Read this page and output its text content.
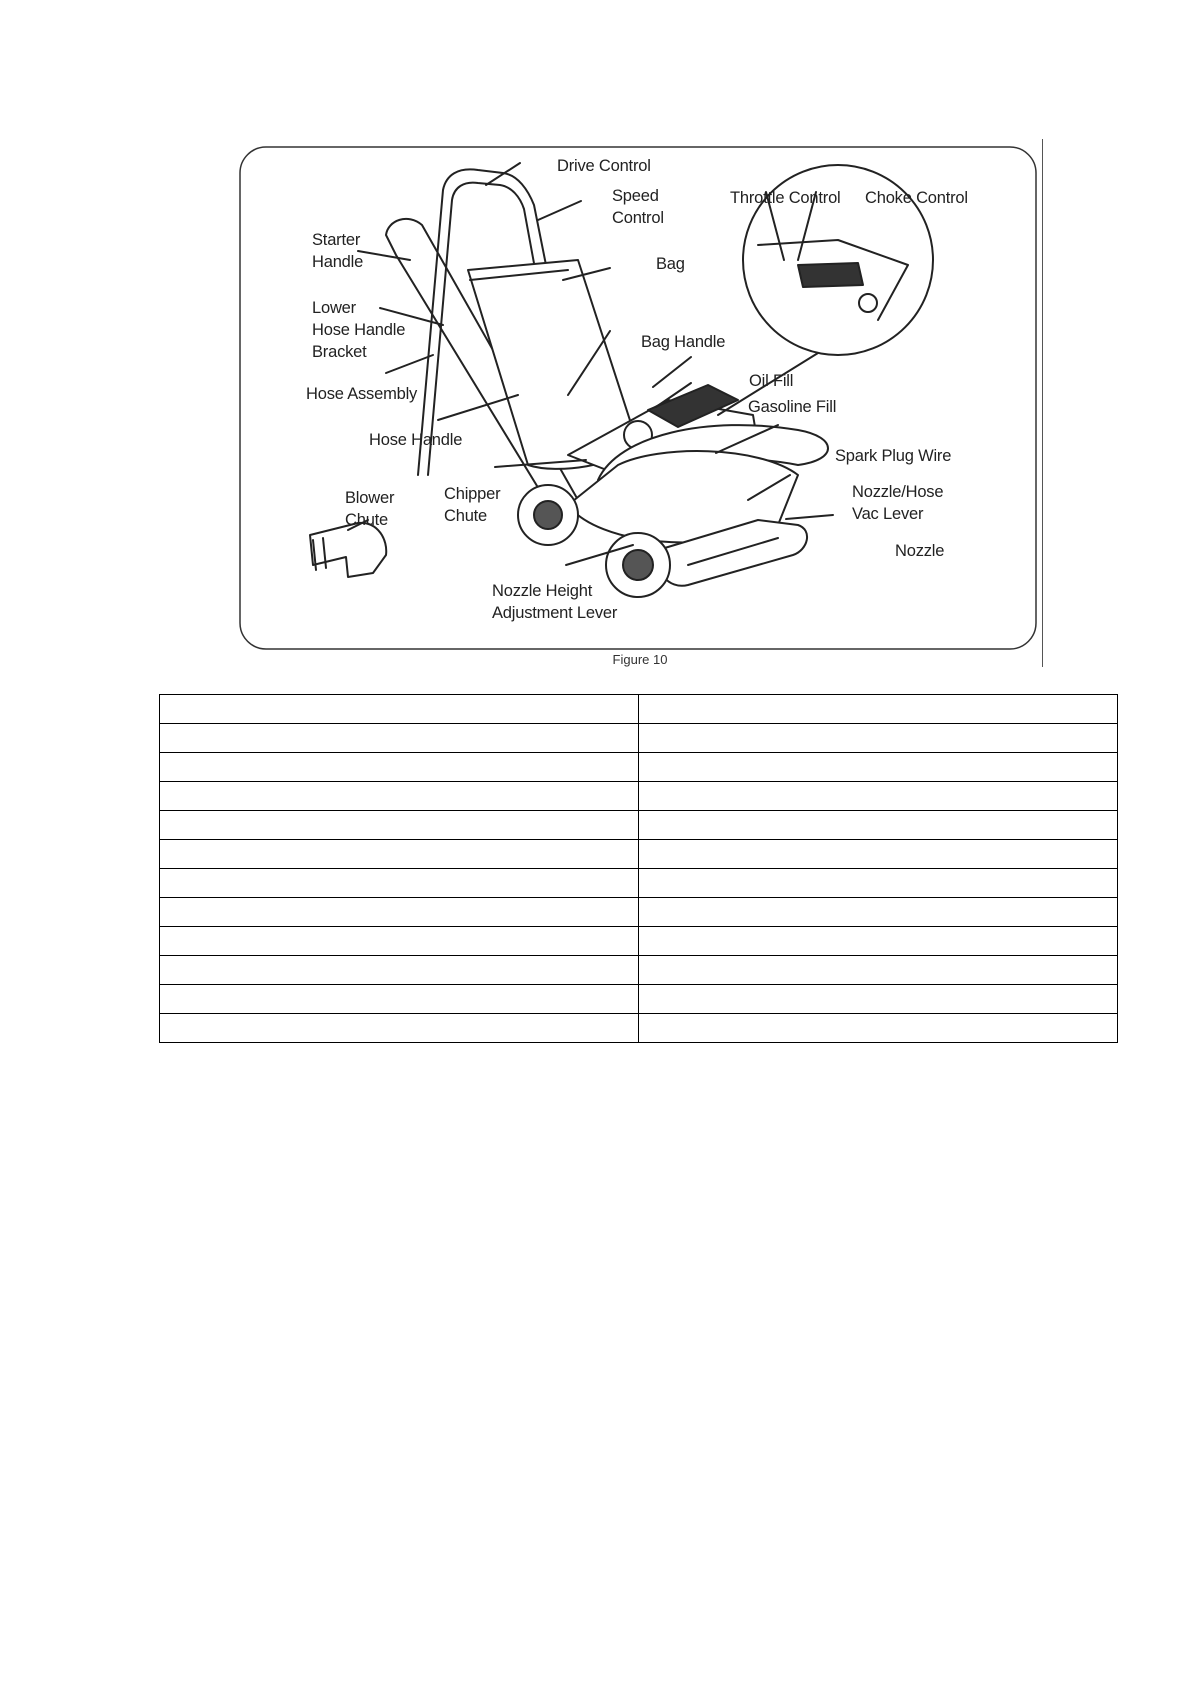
Drive Control
Speed
Control
Starter
Handle	Bag
Lower
Hose Handle
Bracket
Bag Handle
Hose Assembly
Oil Fill
Gasoline Fill
Hose Handle
Spark Plug Wire
Blower
Chute
Chipper
Chute
Nozzle/Hose
Vac Lever
Nozzle
Nozzle Height
Adjustment Lever
Throttle Control Choke Control
Figure 10
